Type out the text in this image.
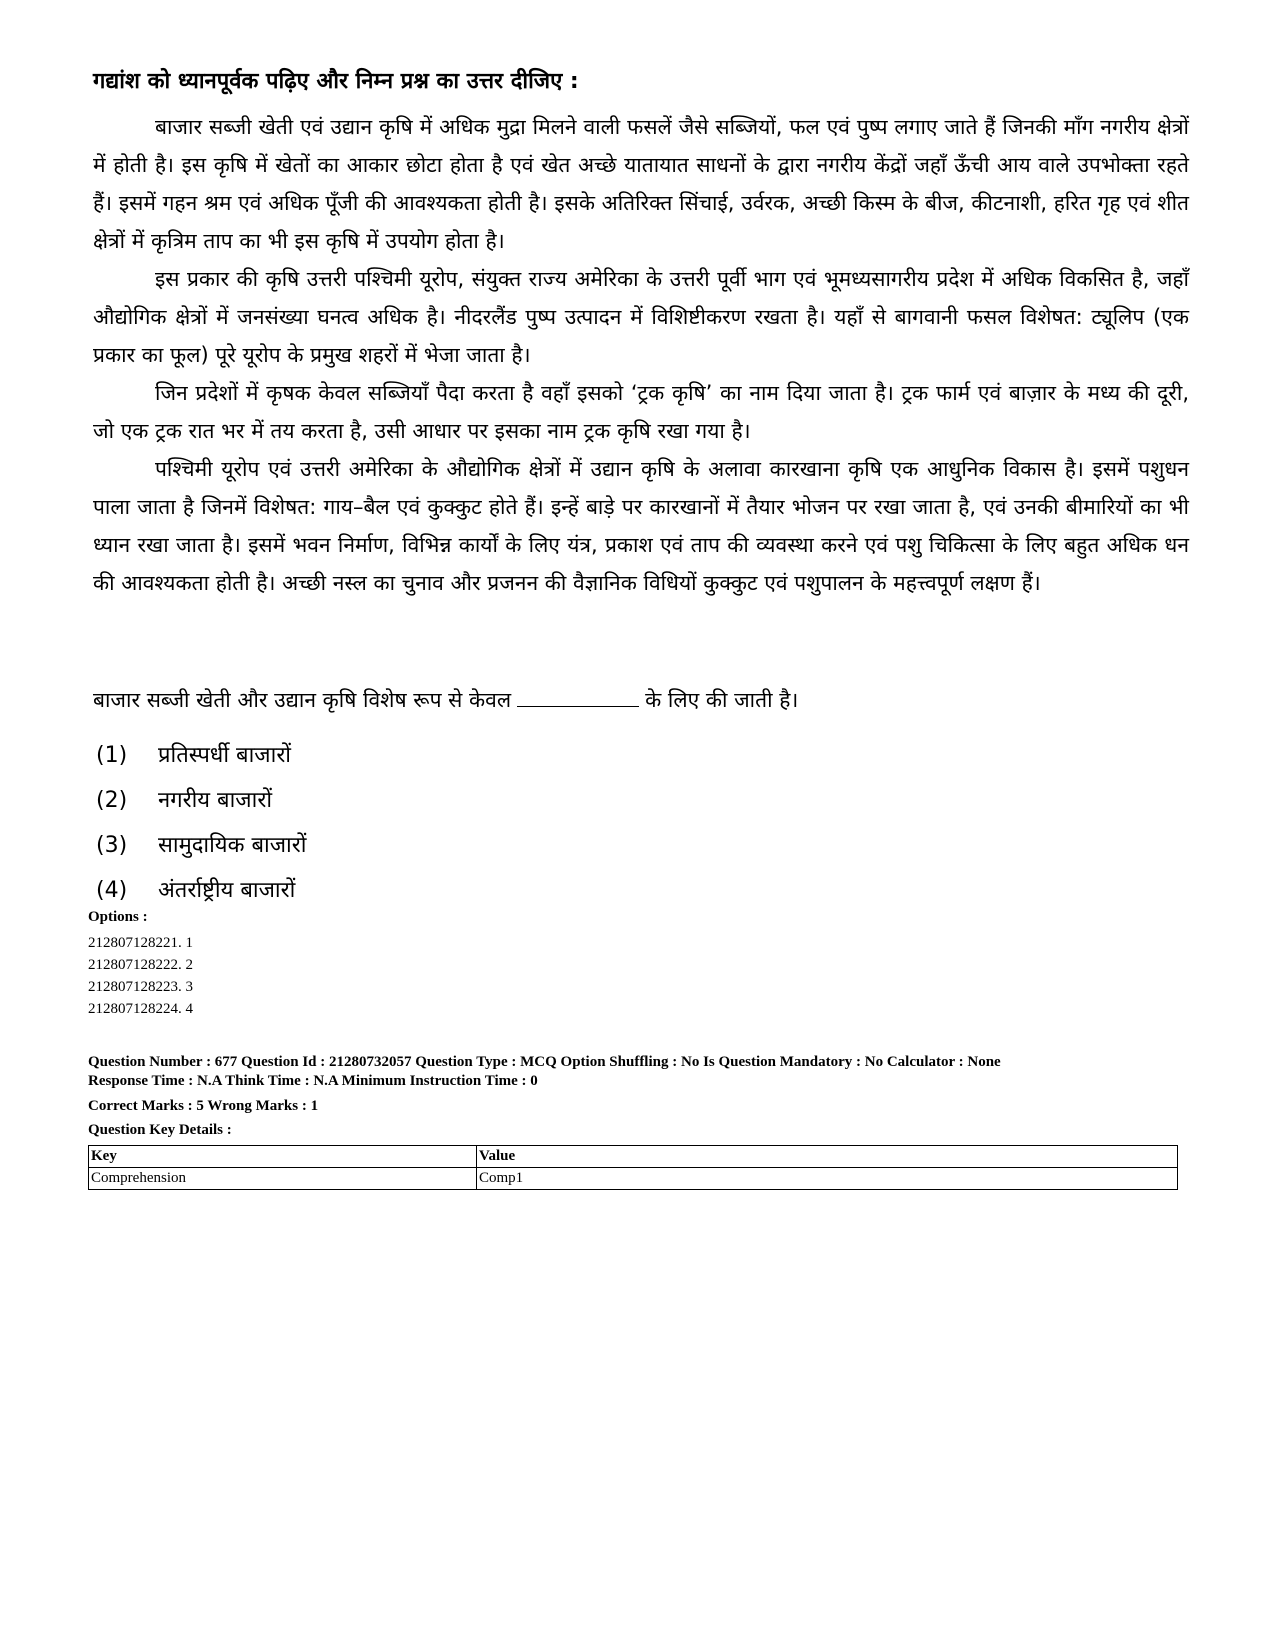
गद्यांश को ध्यानपूर्वक पढ़िए और निम्न प्रश्न का उत्तर दीजिए :

बाजार सब्जी खेती एवं उद्यान कृषि में अधिक मुद्रा मिलने वाली फसलें जैसे सब्जियों, फल एवं पुष्प लगाए जाते हैं जिनकी माँग नगरीय क्षेत्रों में होती है। इस कृषि में खेतों का आकार छोटा होता है एवं खेत अच्छे यातायात साधनों के द्वारा नगरीय केंद्रों जहाँ ऊँची आय वाले उपभोक्ता रहते हैं। इसमें गहन श्रम एवं अधिक पूँजी की आवश्यकता होती है। इसके अतिरिक्त सिंचाई, उर्वरक, अच्छी किस्म के बीज, कीटनाशी, हरित गृह एवं शीत क्षेत्रों में कृत्रिम ताप का भी इस कृषि में उपयोग होता है।

इस प्रकार की कृषि उत्तरी पश्चिमी यूरोप, संयुक्त राज्य अमेरिका के उत्तरी पूर्वी भाग एवं भूमध्यसागरीय प्रदेश में अधिक विकसित है, जहाँ औद्योगिक क्षेत्रों में जनसंख्या घनत्व अधिक है। नीदरलैंड पुष्प उत्पादन में विशिष्टीकरण रखता है। यहाँ से बागवानी फसल विशेषत: ट्यूलिप (एक प्रकार का फूल) पूरे यूरोप के प्रमुख शहरों में भेजा जाता है।

जिन प्रदेशों में कृषक केवल सब्जियाँ पैदा करता है वहाँ इसको ‘ट्रक कृषि’ का नाम दिया जाता है। ट्रक फार्म एवं बाज़ार के मध्य की दूरी, जो एक ट्रक रात भर में तय करता है, उसी आधार पर इसका नाम ट्रक कृषि रखा गया है।

पश्चिमी यूरोप एवं उत्तरी अमेरिका के औद्योगिक क्षेत्रों में उद्यान कृषि के अलावा कारखाना कृषि एक आधुनिक विकास है। इसमें पशुधन पाला जाता है जिनमें विशेषत: गाय–बैल एवं कुक्कुट होते हैं। इन्हें बाड़े पर कारखानों में तैयार भोजन पर रखा जाता है, एवं उनकी बीमारियों का भी ध्यान रखा जाता है। इसमें भवन निर्माण, विभिन्न कार्यों के लिए यंत्र, प्रकाश एवं ताप की व्यवस्था करने एवं पशु चिकित्सा के लिए बहुत अधिक धन की आवश्यकता होती है। अच्छी नस्ल का चुनाव और प्रजनन की वैज्ञानिक विधियों कुक्कुट एवं पशुपालन के महत्त्वपूर्ण लक्षण हैं।

बाजार सब्जी खेती और उद्यान कृषि विशेष रूप से केवल	के लिए की जाती है।
(1) प्रतिस्पर्धी बाजारों
(2) नगरीय बाजारों
(3) सामुदायिक बाजारों
(4) अंतर्राष्ट्रीय बाजारों
Options :
212807128221. 1
212807128222. 2
212807128223. 3
212807128224. 4
Question Number : 677 Question Id : 21280732057 Question Type : MCQ Option Shuffling : No Is Question Mandatory : No Calculator : None
Response Time : N.A Think Time : N.A Minimum Instruction Time : 0
Correct Marks : 5 Wrong Marks : 1
Question Key Details :
Key	Value
Comprehension	Comp1
